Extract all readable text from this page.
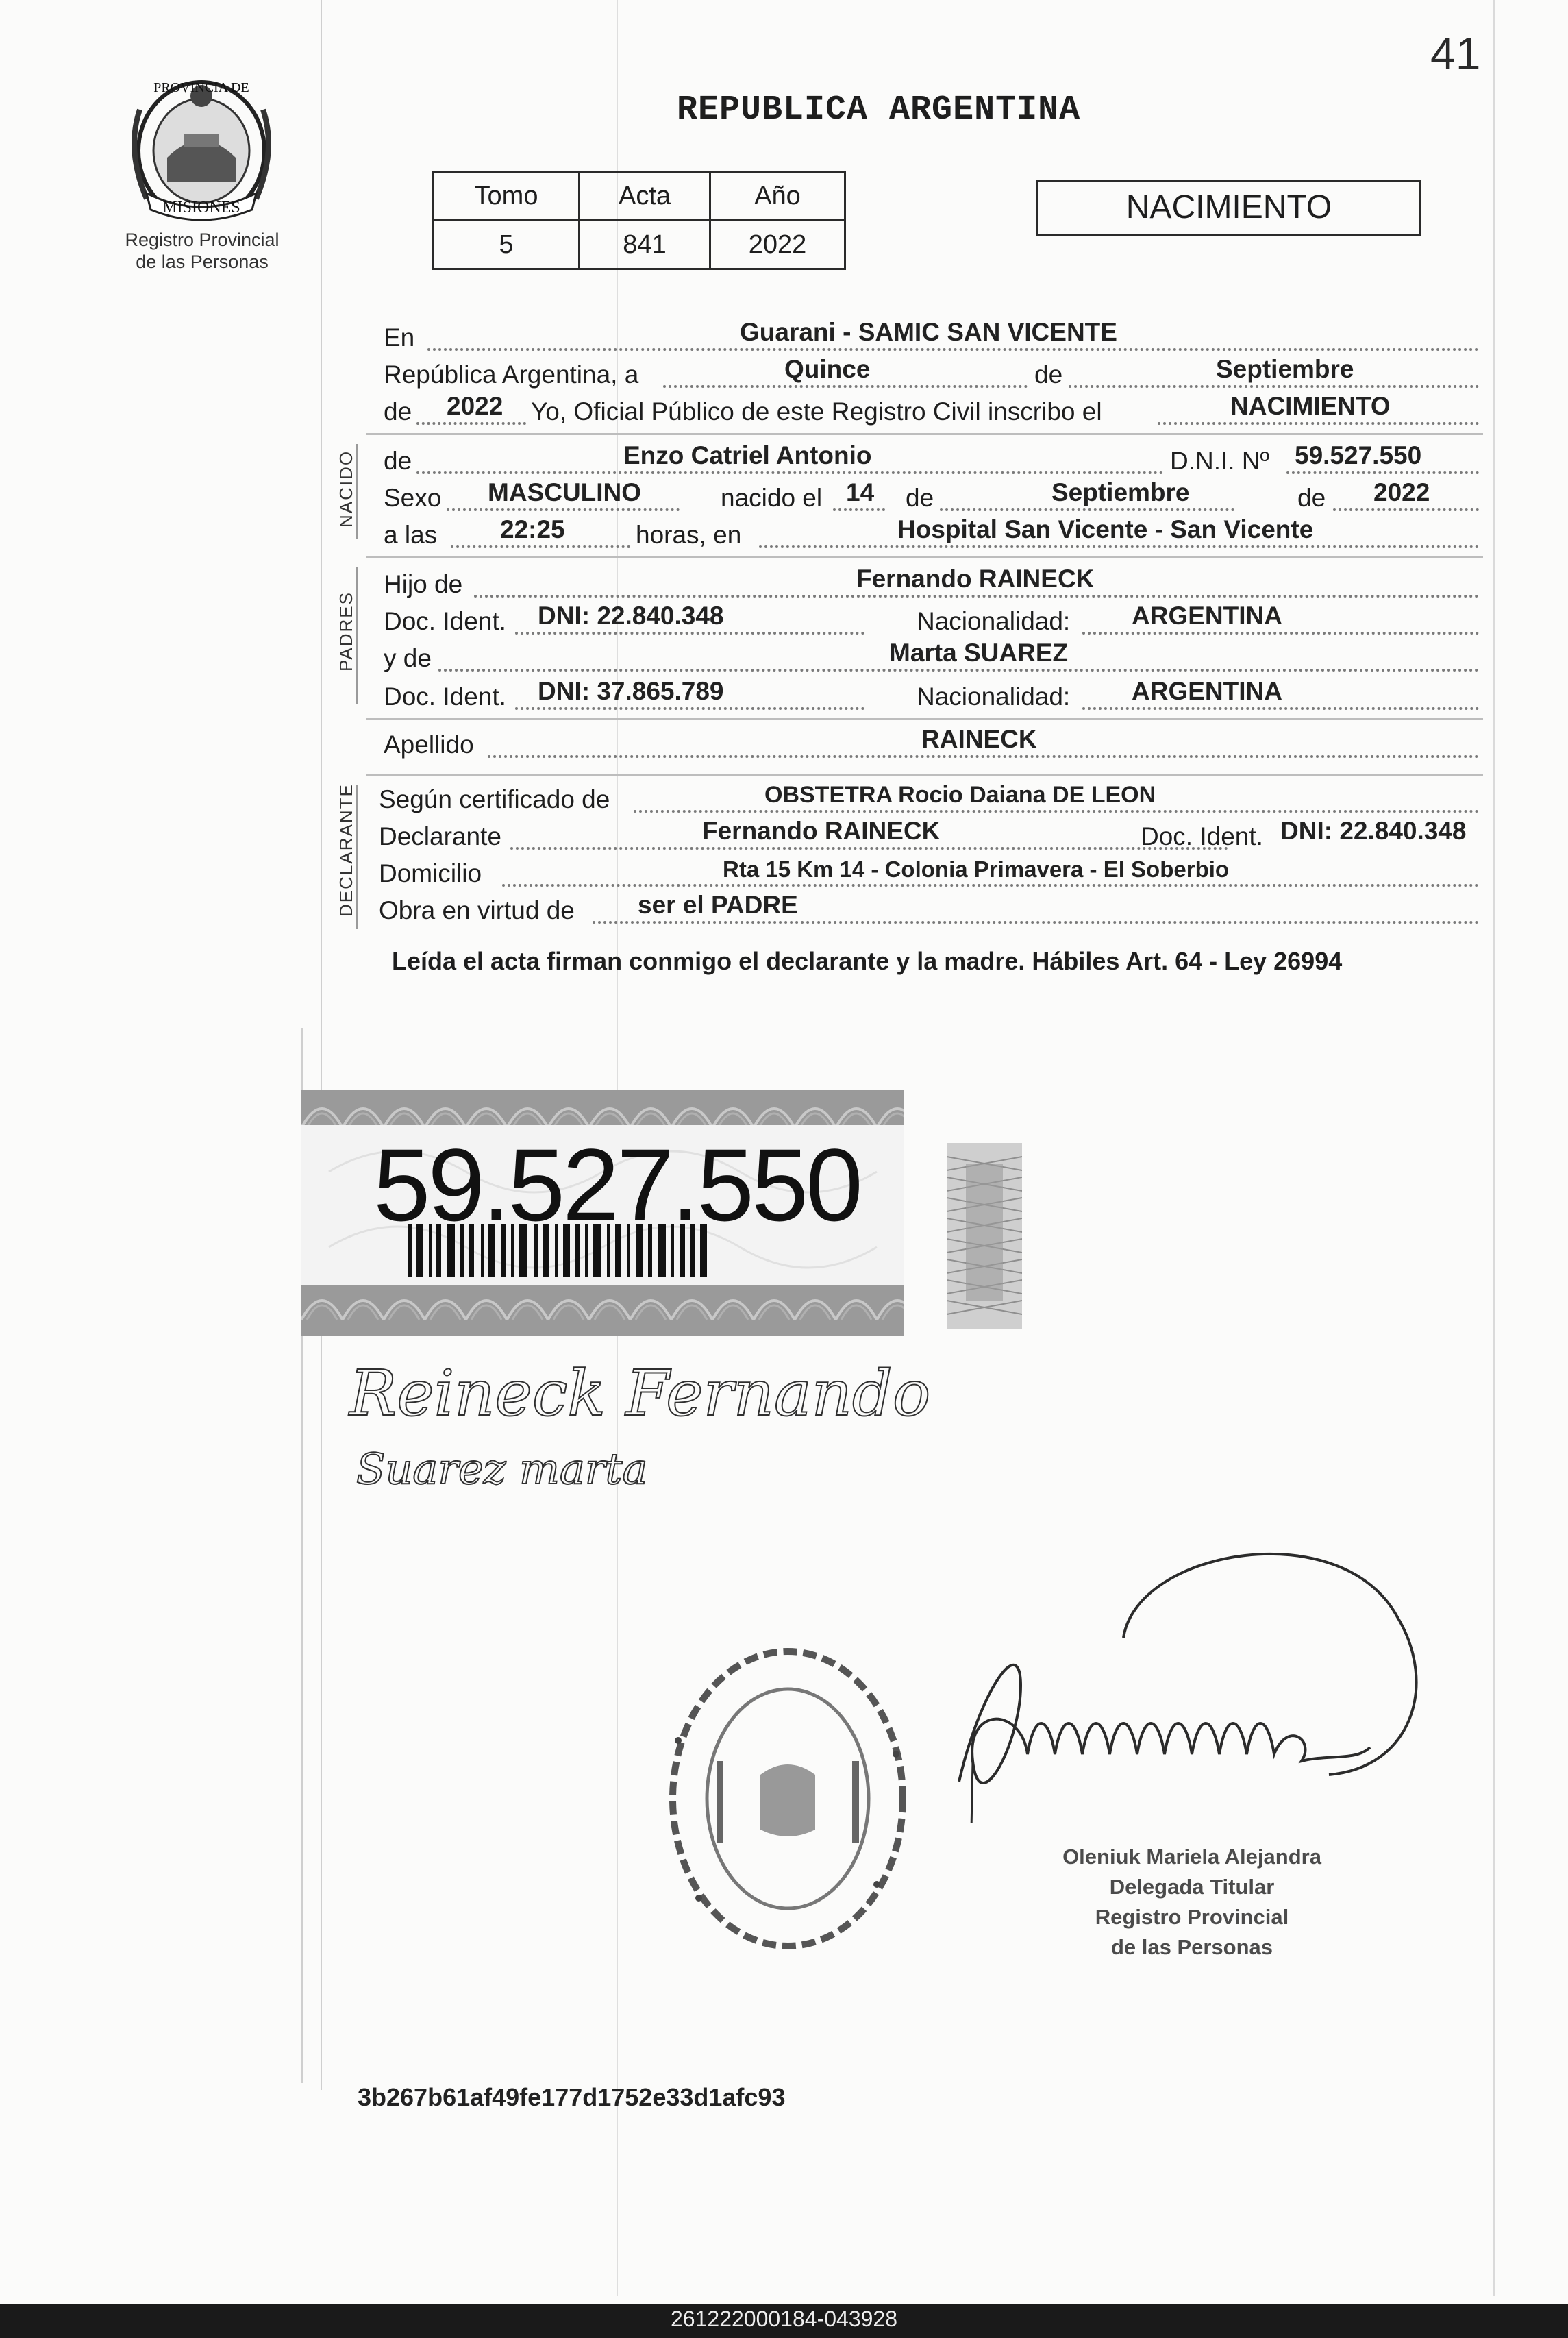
41
PROVINCIA DE
MISIONES
Registro Provincial
de las Personas
REPUBLICA ARGENTINA
Tomo	Acta	Año
5	841	2022
NACIMIENTO
En	Guarani - SAMIC SAN VICENTE
República Argentina, a	Quince	de	Septiembre
de 2022 Yo, Oficial Público de este Registro Civil inscribo el	NACIMIENTO
NACIDO de	Enzo Catriel Antonio	D.N.I. Nº 59.527.550
Sexo MASCULINO	nacido el 14 de	Septiembre	de 2022
a las 22:25	horas, en	Hospital San Vicente - San Vicente
PADRES
Hijo de	Fernando RAINECK
Doc. Ident. DNI: 22.840.348	Nacionalidad: ARGENTINA
y de	Marta SUAREZ
Doc. Ident. DNI: 37.865.789	Nacionalidad: ARGENTINA
Apellido	RAINECK
DECLARANTE Según certificado de	OBSTETRA Rocio Daiana DE LEON
Declarante	Fernando RAINECK	Doc. Ident. DNI: 22.840.348
Domicilio	Rta 15 Km 14 - Colonia Primavera - El Soberbio
Obra en virtud de ser el PADRE
Leída el acta firman conmigo el declarante y la madre. Hábiles Art. 64 - Ley 26994
59.527.550
Reineck Fernando
Suarez marta
Oleniuk Mariela Alejandra
Delegada Titular
Registro Provincial
de las Personas
3b267b61af49fe177d1752e33d1afc93
261222000184-043928
